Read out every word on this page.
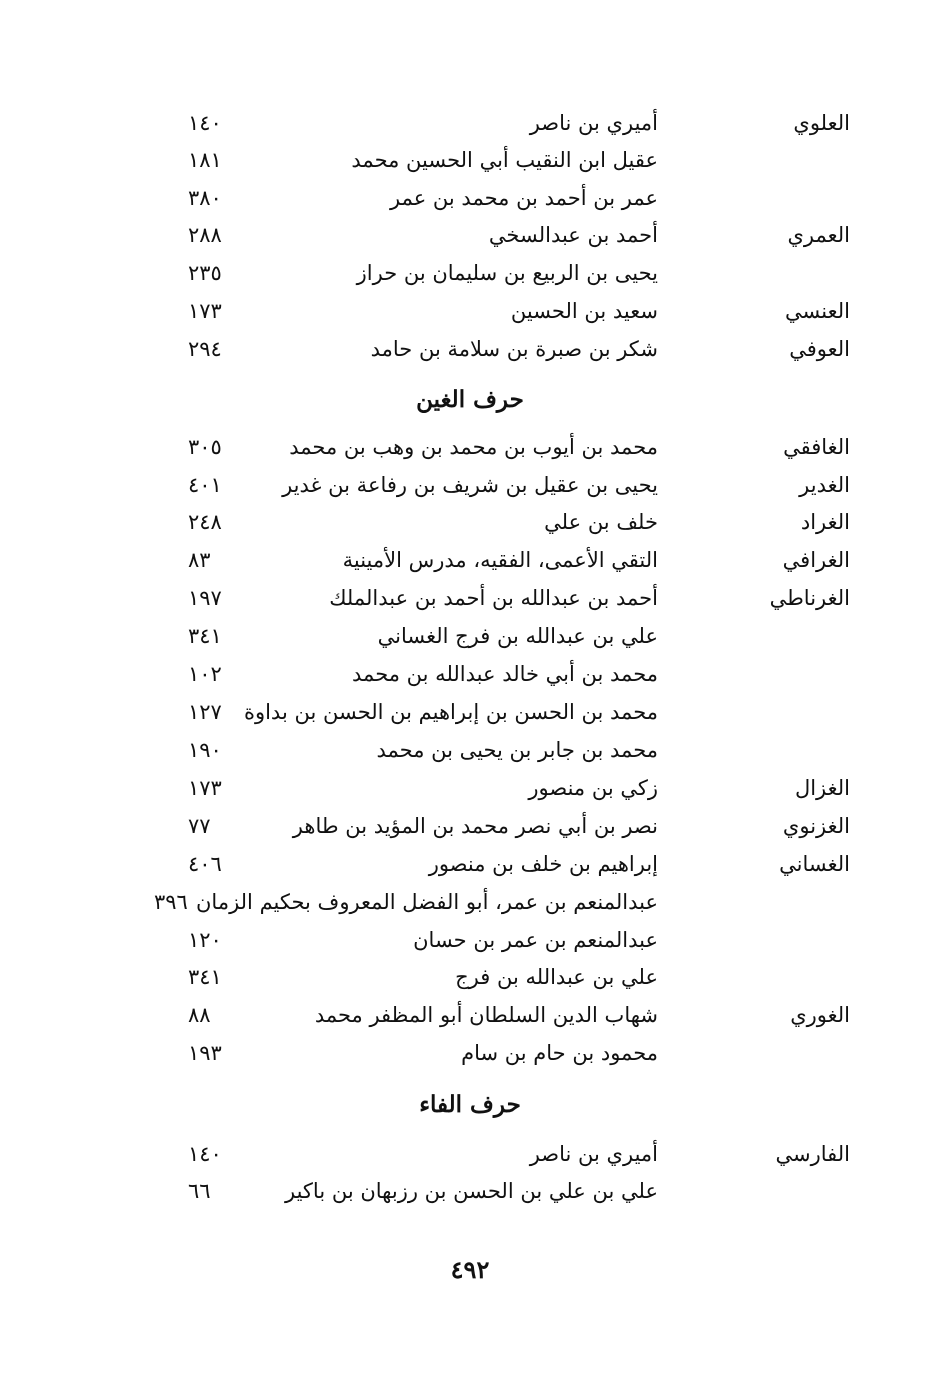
العلوي
أميري بن ناصر
١٤٠
عقيل ابن النقيب أبي الحسين محمد
١٨١
عمر بن أحمد بن محمد بن عمر
٣٨٠
العمري
أحمد بن عبدالسخي
٢٨٨
يحيى بن الربيع بن سليمان بن حراز
٢٣٥
العنسي
سعيد بن الحسين
١٧٣
العوفي
شكر بن صبرة بن سلامة بن حامد
٢٩٤
حرف الغين
الغافقي
محمد بن أيوب بن محمد بن وهب بن محمد
٣٠٥
الغدير
يحيى بن عقيل بن شريف بن رفاعة بن غدير
٤٠١
الغراد
خلف بن علي
٢٤٨
الغرافي
التقي الأعمى، الفقيه، مدرس الأمينية
٨٣
الغرناطي
أحمد بن عبدالله بن أحمد بن عبدالملك
١٩٧
علي بن عبدالله بن فرج الغساني
٣٤١
محمد بن أبي خالد عبدالله بن محمد
١٠٢
محمد بن الحسن بن إبراهيم بن الحسن بن بداوة
١٢٧
محمد بن جابر بن يحيى بن محمد
١٩٠
الغزال
زكي بن منصور
١٧٣
الغزنوي
نصر بن أبي نصر محمد بن المؤيد بن طاهر
٧٧
الغساني
إبراهيم بن خلف بن منصور
٤٠٦
عبدالمنعم بن عمر، أبو الفضل المعروف بحكيم الزمان
٣٩٦
عبدالمنعم بن عمر بن حسان
١٢٠
علي بن عبدالله بن فرج
٣٤١
الغوري
شهاب الدين السلطان أبو المظفر محمد
٨٨
محمود بن حام بن سام
١٩٣
حرف الفاء
الفارسي
أميري بن ناصر
١٤٠
علي بن علي بن الحسن بن رزبهان بن باكير
٦٦
٤٩٢
